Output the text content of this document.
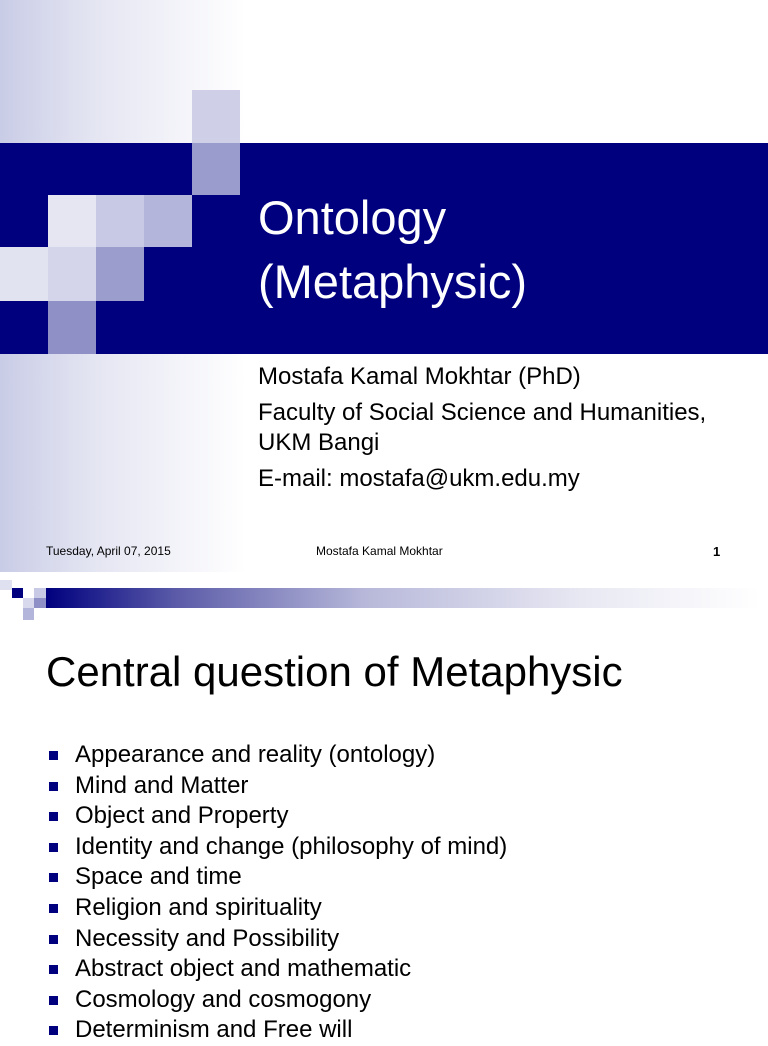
Ontology
(Metaphysic)
Mostafa Kamal Mokhtar (PhD)
Faculty of Social Science and Humanities,
UKM Bangi
E-mail: mostafa@ukm.edu.my
Tuesday, April 07, 2015	Mostafa Kamal Mokhtar	1
Central question of Metaphysic
Appearance and reality (ontology)
Mind and Matter
Object and Property
Identity and change (philosophy of mind)
Space and time
Religion and spirituality
Necessity and Possibility
Abstract object and mathematic
Cosmology and cosmogony
Determinism and Free will
